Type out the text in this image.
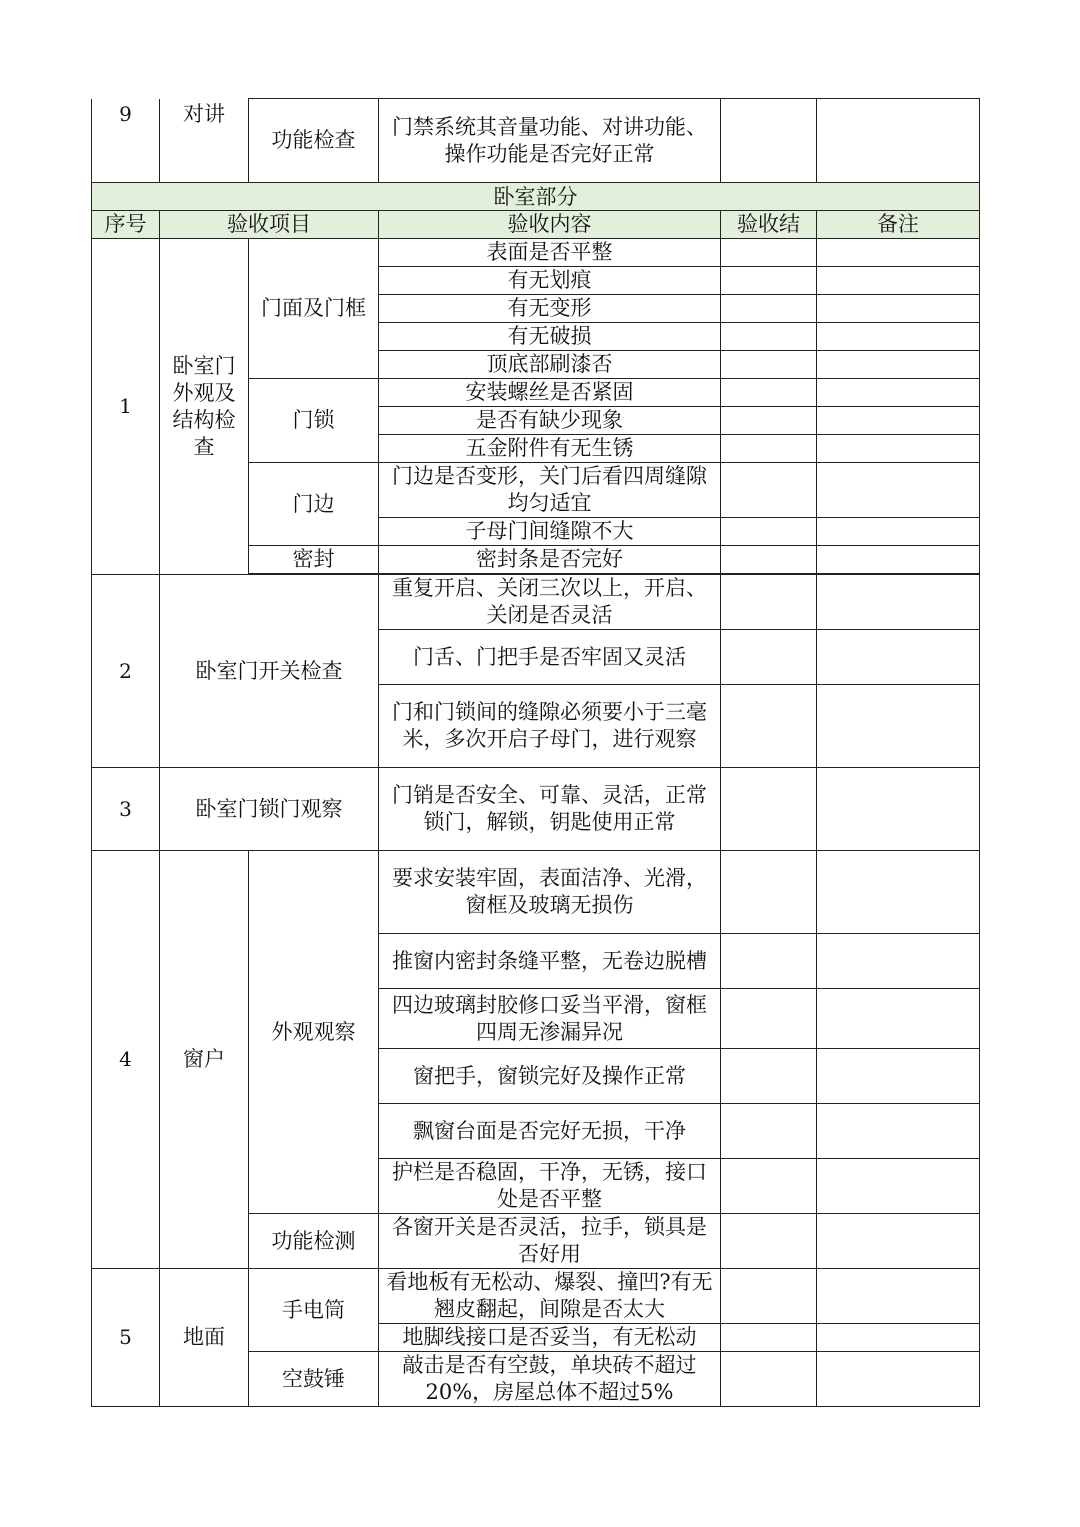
9	对讲	功能检查	门禁系统其音量功能、对讲功能、操作功能是否完好正常		
卧室部分					
序号	验收项目		验收内容	验收结	备注
1	卧室门外观及结构检查	门面及门框	表面是否平整		
			有无划痕		
			有无变形		
			有无破损		
			顶底部刷漆否		
		门锁	安装螺丝是否紧固		
			是否有缺少现象		
			五金附件有无生锈		
		门边	门边是否变形，关门后看四周缝隙均匀适宜		
			子母门间缝隙不大		
		密封	密封条是否完好		

2	卧室门开关检查		重复开启、关闭三次以上，开启、关闭是否灵活		
			门舌、门把手是否牢固又灵活		
			门和门锁间的缝隙必须要小于三毫米，多次开启子母门，进行观察		
3	卧室门锁门观察		门销是否安全、可靠、灵活，正常锁门，解锁，钥匙使用正常		
4	窗户	外观观察	要求安装牢固，表面洁净、光滑，窗框及玻璃无损伤		
			推窗内密封条缝平整，无卷边脱槽		
			四边玻璃封胶修口妥当平滑，窗框四周无渗漏异况		
			窗把手，窗锁完好及操作正常		
			飘窗台面是否完好无损，干净		
			护栏是否稳固，干净，无锈，接口处是否平整		
		功能检测	各窗开关是否灵活，拉手，锁具是否好用		
5	地面	手电筒	看地板有无松动、爆裂、撞凹?有无翘皮翻起，间隙是否太大		
			地脚线接口是否妥当，有无松动		
		空鼓锤	敲击是否有空鼓，单块砖不超过20%，房屋总体不超过5%		
